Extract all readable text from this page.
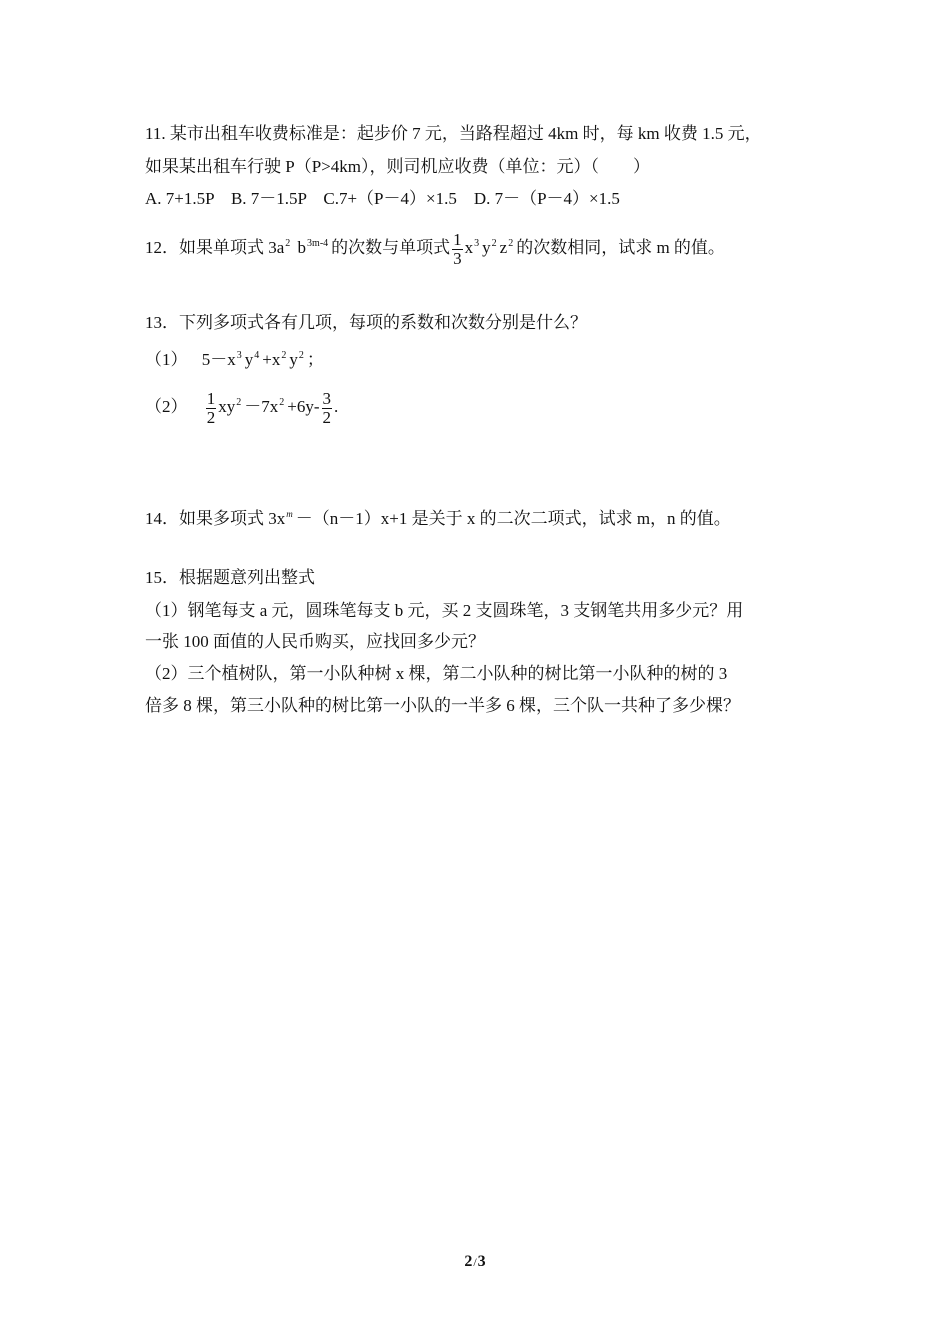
11. 某市出租车收费标准是：起步价 7 元，当路程超过 4km 时，每 km 收费 1.5 元，
如果某出租车行驶 P（P>4km），则司机应收费（单位：元）（　　）
A. 7+1.5P　B. 7－1.5P　C.7+（P－4）×1.5　D. 7－（P－4）×1.5
12．如果单项式 $3a^2$ $b^{3m-4}$ 的次数与单项式 $\frac{1}{3} x^3$ $y^2$ $z^2$ 的次数相同，试求 m 的值。
13．下列多项式各有几项，每项的系数和次数分别是什么？
（1） $5-x^3$ $y^4 +x^2$ $y^2$ ；
$(2) \frac{1}{2} xy^2 -7x^2 +6y- \frac{3}{2}$ .
14．如果多项式 $3x^m -(n-1)x+1$ 是关于 x 的二次二项式，试求 m，n 的值。
15．根据题意列出整式
（1）钢笔每支 a 元，圆珠笔每支 b 元，买 2 支圆珠笔，3 支钢笔共用多少元？用
一张 100 面值的人民币购买，应找回多少元？
（2）三个植树队，第一小队种树 x 棵，第二小队种的树比第一小队种的树的 3
倍多 8 棵，第三小队种的树比第一小队的一半多 6 棵，三个队一共种了多少棵？
2/3
